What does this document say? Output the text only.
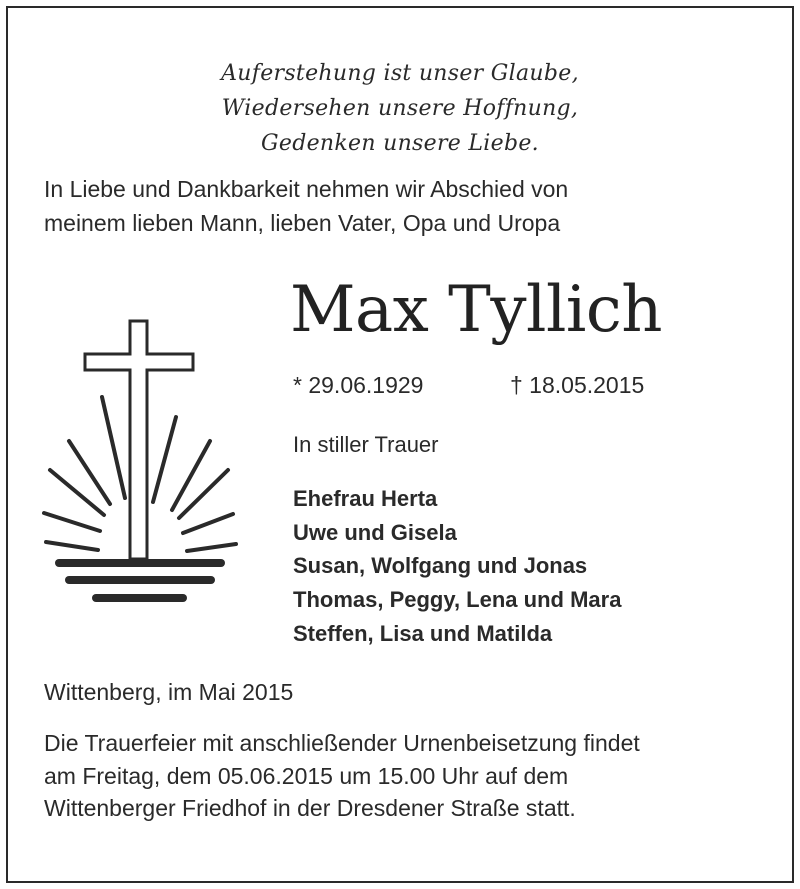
Auferstehung ist unser Glaube,
Wiedersehen unsere Hoffnung,
Gedenken unsere Liebe.
In Liebe und Dankbarkeit nehmen wir Abschied von
meinem lieben Mann, lieben Vater, Opa und Uropa
Max Tyllich
* 29.06.1929	† 18.05.2015
In stiller Trauer
Ehefrau Herta
Uwe und Gisela
Susan, Wolfgang und Jonas
Thomas, Peggy, Lena und Mara
Steffen, Lisa und Matilda
Wittenberg, im Mai 2015
Die Trauerfeier mit anschließender Urnenbeisetzung findet
am Freitag, dem 05.06.2015 um 15.00 Uhr auf dem
Wittenberger Friedhof in der Dresdener Straße statt.
